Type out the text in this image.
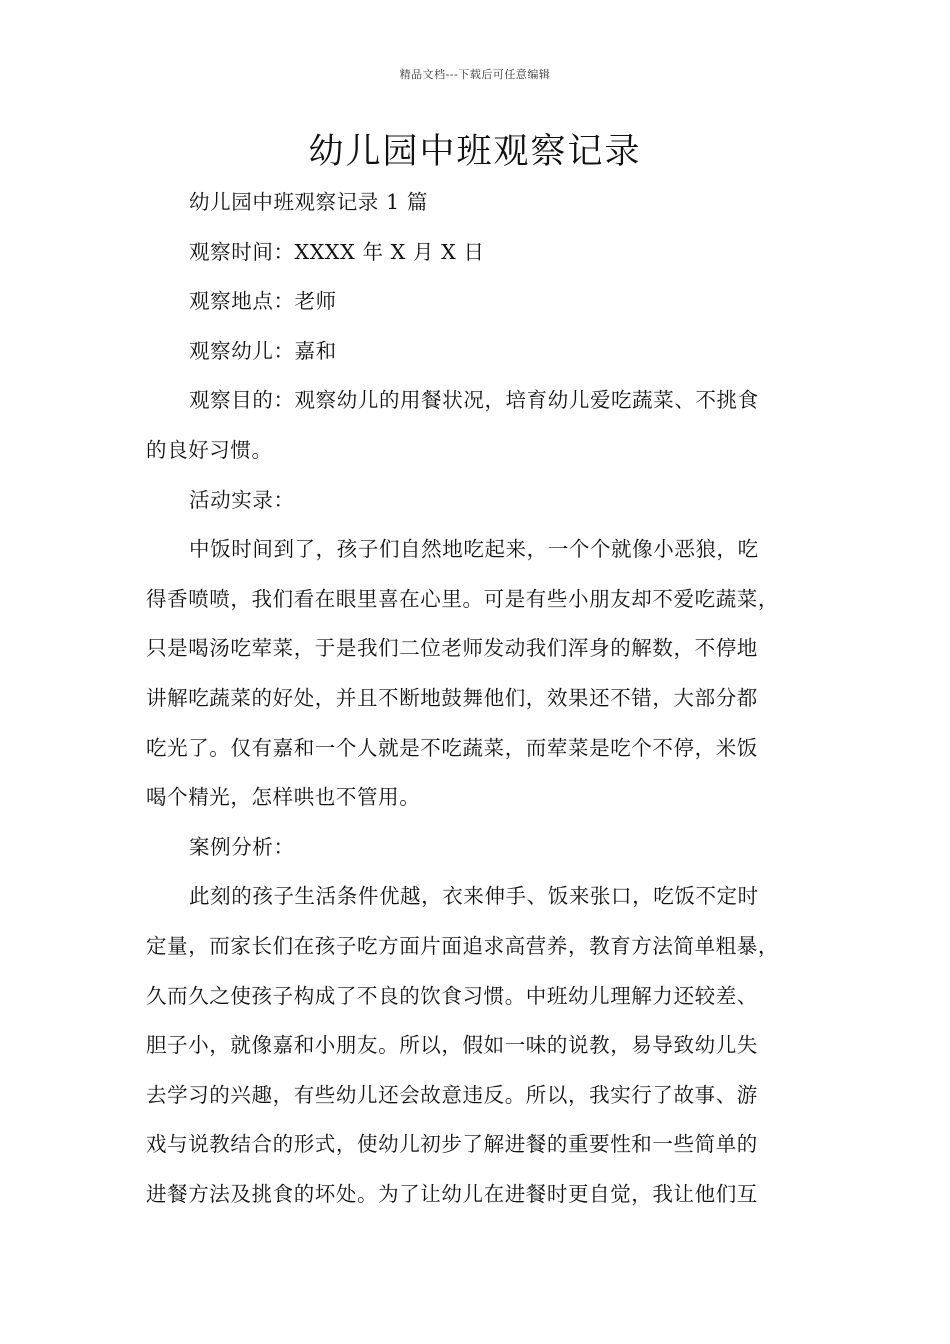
精品文档---下载后可任意编辑
幼儿园中班观察记录
幼儿园中班观察记录 1 篇
观察时间：XXXX 年 X 月 X 日
观察地点：老师
观察幼儿：嘉和
观察目的：观察幼儿的用餐状况，培育幼儿爱吃蔬菜、不挑食
的良好习惯。
活动实录：
中饭时间到了，孩子们自然地吃起来，一个个就像小恶狼，吃
得香喷喷，我们看在眼里喜在心里。可是有些小朋友却不爱吃蔬菜，
只是喝汤吃荤菜，于是我们二位老师发动我们浑身的解数，不停地
讲解吃蔬菜的好处，并且不断地鼓舞他们，效果还不错，大部分都
吃光了。仅有嘉和一个人就是不吃蔬菜，而荤菜是吃个不停，米饭
喝个精光，怎样哄也不管用。
案例分析：
此刻的孩子生活条件优越，衣来伸手、饭来张口，吃饭不定时
定量，而家长们在孩子吃方面片面追求高营养，教育方法简单粗暴，
久而久之使孩子构成了不良的饮食习惯。中班幼儿理解力还较差、
胆子小，就像嘉和小朋友。所以，假如一味的说教，易导致幼儿失
去学习的兴趣，有些幼儿还会故意违反。所以，我实行了故事、游
戏与说教结合的形式，使幼儿初步了解进餐的重要性和一些简单的
进餐方法及挑食的坏处。为了让幼儿在进餐时更自觉，我让他们互
